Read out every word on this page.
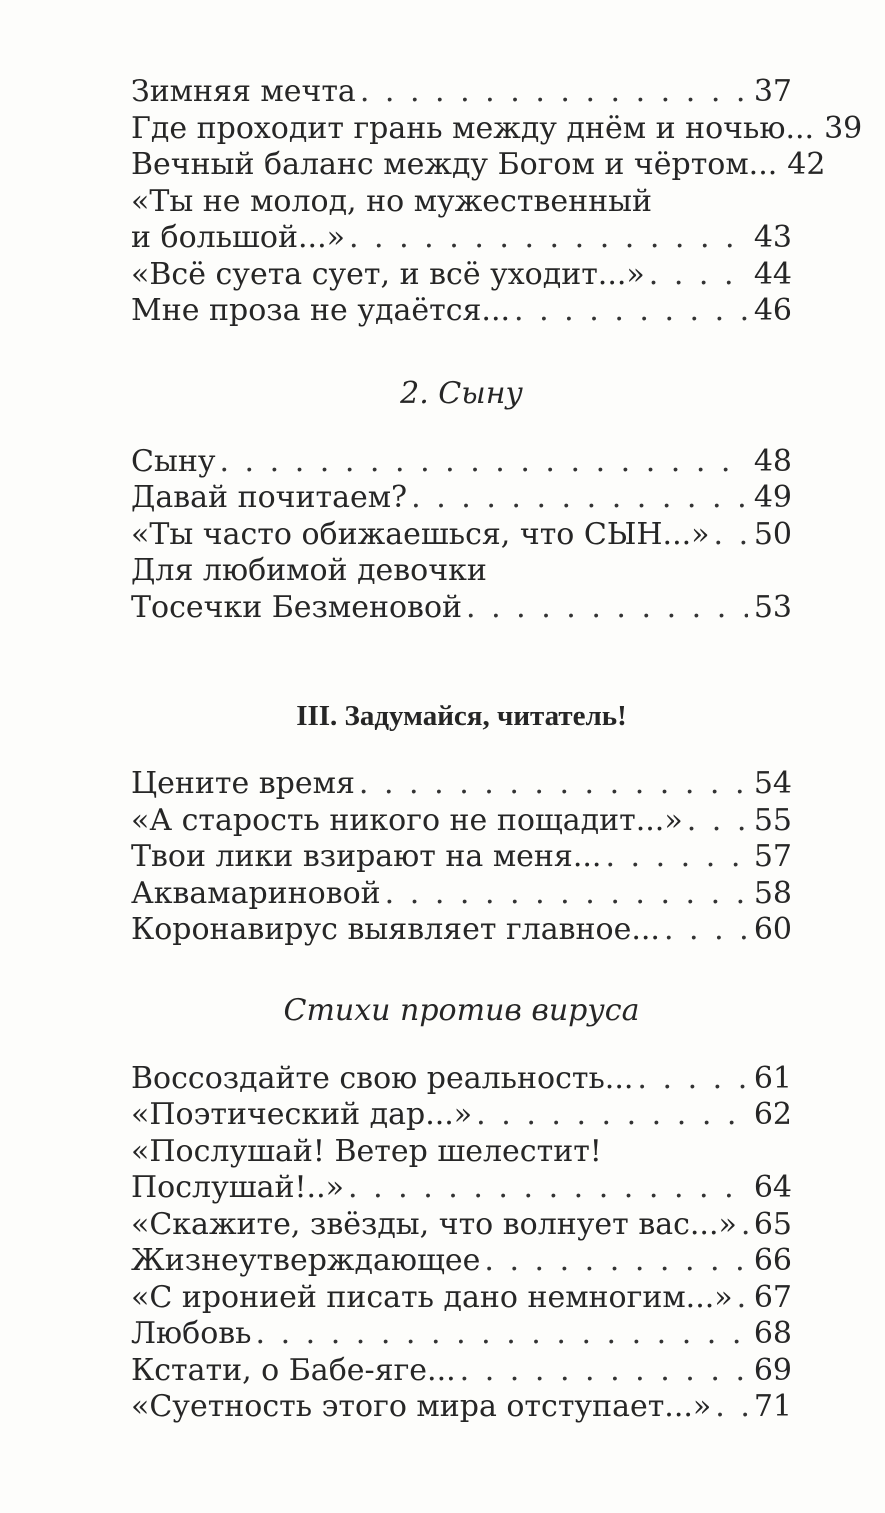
Зимняя мечта . . .	37
Где проходит грань между днём и ночью... 39
Вечный баланс между Богом и чёртом... 42
«Ты не молод, но мужественный
и большой...» . . .	43
«Всё суета сует, и всё уходит...» . . .	44
Мне проза не удаётся... . . .	46
2. Сыну
Сыну . . .	48
Давай почитаем? . . .	49
«Ты часто обижаешься, что СЫН...» . . . 50
Для любимой девочки
Тосечки Безменовой . . .	53
III. Задумайся, читатель!
Цените время . . .	54
«А старость никого не пощадит...» . . . 55
Твои лики взирают на меня... . . .	57
Аквамариновой . . .	58
Коронавирус выявляет главное... . . .	60
Стихи против вируса
Воссоздайте свою реальность... . . .	61
«Поэтический дар...» . . .	62
«Послушай! Ветер шелестит!
Послушай!..» . . .	64
«Скажите, звёзды, что волнует вас...» . . . 65
Жизнеутверждающее . . .	66
«С иронией писать дано немногим...» . . . 67
Любовь . . .	68
Кстати, о Бабе-яге... . . .	69
«Суетность этого мира отступает...» . . . 71
